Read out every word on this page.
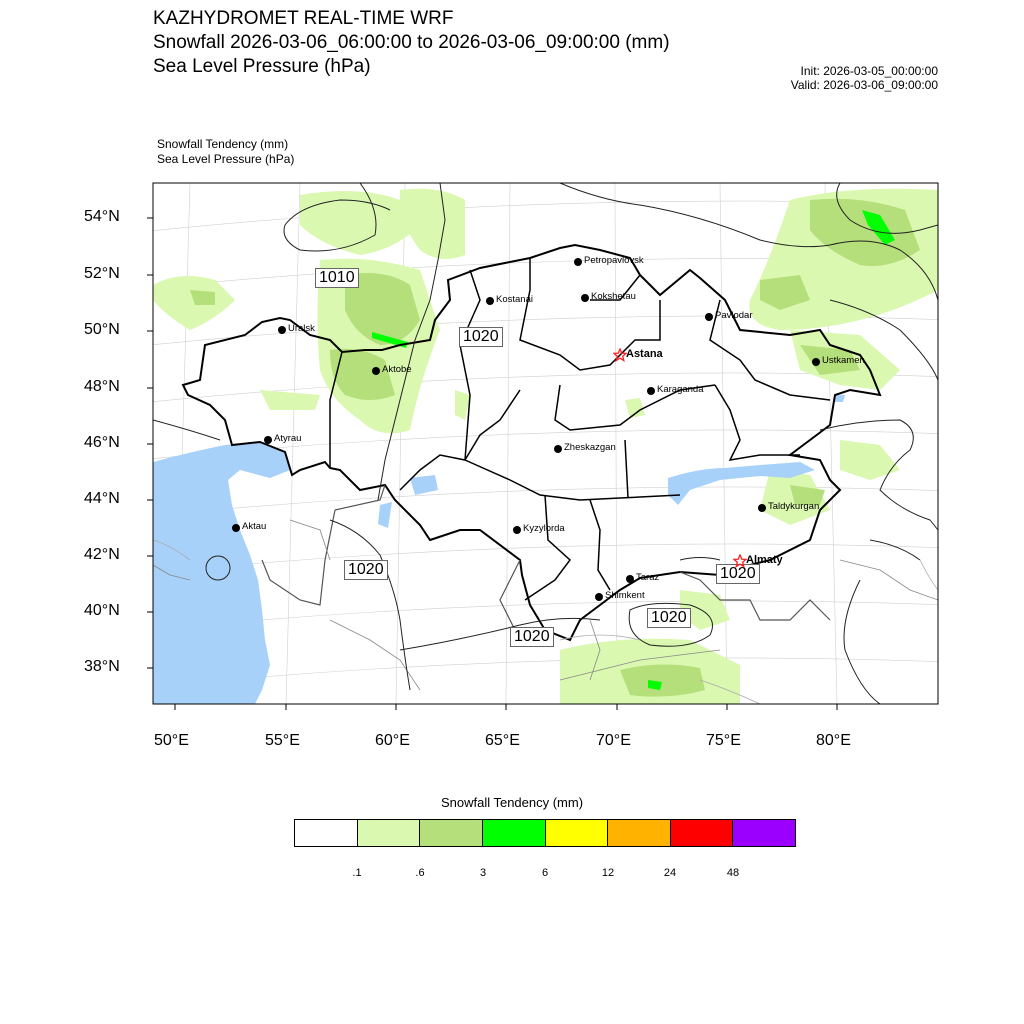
KAZHYDROMET REAL-TIME WRF
Snowfall 2026-03-06_06:00:00 to 2026-03-06_09:00:00 (mm)
Sea Level Pressure (hPa)	Init: 2026-03-05_00:00:00
Valid: 2026-03-06_09:00:00
Snowfall Tendency (mm)
Sea Level Pressure (hPa)
54°N
52°N
50°N
48°N
46°N
44°N
42°N
40°N
38°N
50°E	55°E	60°E	65°E	70°E	75°E	80°E
1010
1020
1020
1020
1020
1020
Petropavlovsk
Kostanai	Kokshetau
Pavlodar
Uralsk
Astana
Aktobe
Ustkamen
Karaganda
Atyrau
Zheskazgan
Taldykurgan
Aktau	Kyzylorda
Almaty
Taraz
Shimkent
Snowfall Tendency (mm)
.1	.6	3	6	12	24	48
